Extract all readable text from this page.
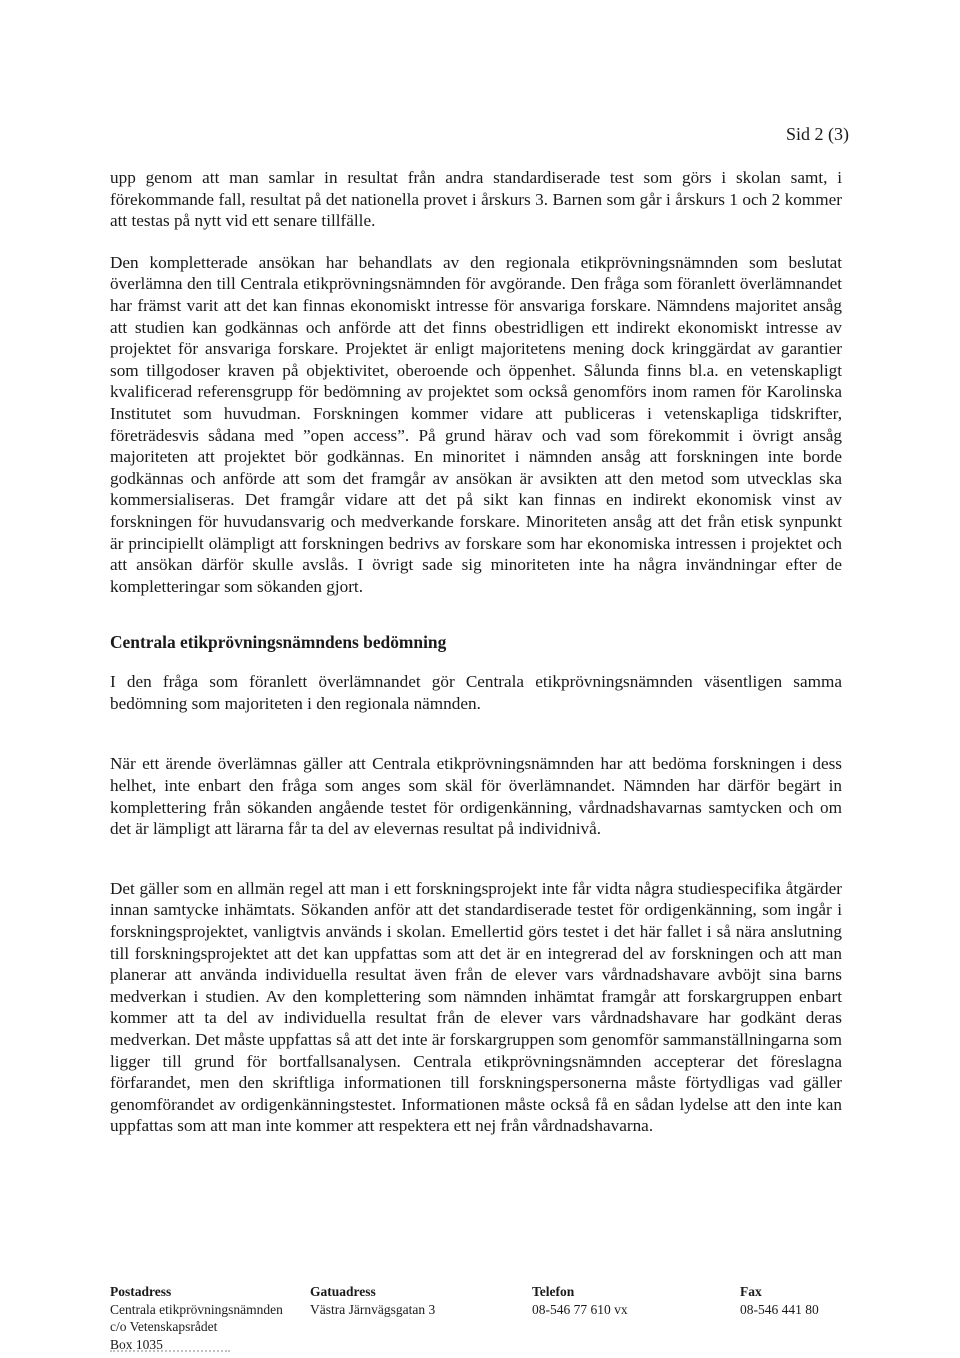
Sid 2 (3)

upp genom att man samlar in resultat från andra standardiserade test som görs i skolan samt, i förekommande fall, resultat på det nationella provet i årskurs 3. Barnen som går i årskurs 1 och 2 kommer att testas på nytt vid ett senare tillfälle.

Den kompletterade ansökan har behandlats av den regionala etikprövningsnämnden som beslutat överlämna den till Centrala etikprövningsnämnden för avgörande. Den fråga som föranlett överlämnandet har främst varit att det kan finnas ekonomiskt intresse för ansvariga forskare. Nämndens majoritet ansåg att studien kan godkännas och anförde att det finns obestridligen ett indirekt ekonomiskt intresse av projektet för ansvariga forskare. Projektet är enligt majoritetens mening dock kringgärdat av garantier som tillgodoser kraven på objektivitet, oberoende och öppenhet. Sålunda finns bl.a. en vetenskapligt kvalificerad referensgrupp för bedömning av projektet som också genomförs inom ramen för Karolinska Institutet som huvudman. Forskningen kommer vidare att publiceras i vetenskapliga tidskrifter, företrädesvis sådana med ”open access”. På grund härav och vad som förekommit i övrigt ansåg majoriteten att projektet bör godkännas. En minoritet i nämnden ansåg att forskningen inte borde godkännas och anförde att som det framgår av ansökan är avsikten att den metod som utvecklas ska kommersialiseras. Det framgår vidare att det på sikt kan finnas en indirekt ekonomisk vinst av forskningen för huvudansvarig och medverkande forskare. Minoriteten ansåg att det från etisk synpunkt är principiellt olämpligt att forskningen bedrivs av forskare som har ekonomiska intressen i projektet och att ansökan därför skulle avslås. I övrigt sade sig minoriteten inte ha några invändningar efter de kompletteringar som sökanden gjort.

Centrala etikprövningsnämndens bedömning

I den fråga som föranlett överlämnandet gör Centrala etikprövningsnämnden väsentligen samma bedömning som majoriteten i den regionala nämnden.

När ett ärende överlämnas gäller att Centrala etikprövningsnämnden har att bedöma forskningen i dess helhet, inte enbart den fråga som anges som skäl för överlämnandet. Nämnden har därför begärt in komplettering från sökanden angående testet för ordigenkänning, vårdnadshavarnas samtycken och om det är lämpligt att lärarna får ta del av elevernas resultat på individnivå.

Det gäller som en allmän regel att man i ett forskningsprojekt inte får vidta några studiespecifika åtgärder innan samtycke inhämtats. Sökanden anför att det standardiserade testet för ordigenkänning, som ingår i forskningsprojektet, vanligtvis används i skolan. Emellertid görs testet i det här fallet i så nära anslutning till forskningsprojektet att det kan uppfattas som att det är en integrerad del av forskningen och att man planerar att använda individuella resultat även från de elever vars vårdnadshavare avböjt sina barns medverkan i studien. Av den komplettering som nämnden inhämtat framgår att forskargruppen enbart kommer att ta del av individuella resultat från de elever vars vårdnadshavare har godkänt deras medverkan. Det måste uppfattas så att det inte är forskargruppen som genomför sammanställningarna som ligger till grund för bortfallsanalysen. Centrala etikprövningsnämnden accepterar det föreslagna förfarandet, men den skriftliga informationen till forskningspersonerna måste förtydligas vad gäller genomförandet av ordigenkänningstestet. Informationen måste också få en sådan lydelse att den inte kan uppfattas som att man inte kommer att respektera ett nej från vårdnadshavarna.

Postadress
Centrala etikprövningsnämnden
c/o Vetenskapsrådet
Box 1035
Gatuadress
Västra Järnvägsgatan 3
Telefon
08-546 77 610 vx
Fax
08-546 441 80
